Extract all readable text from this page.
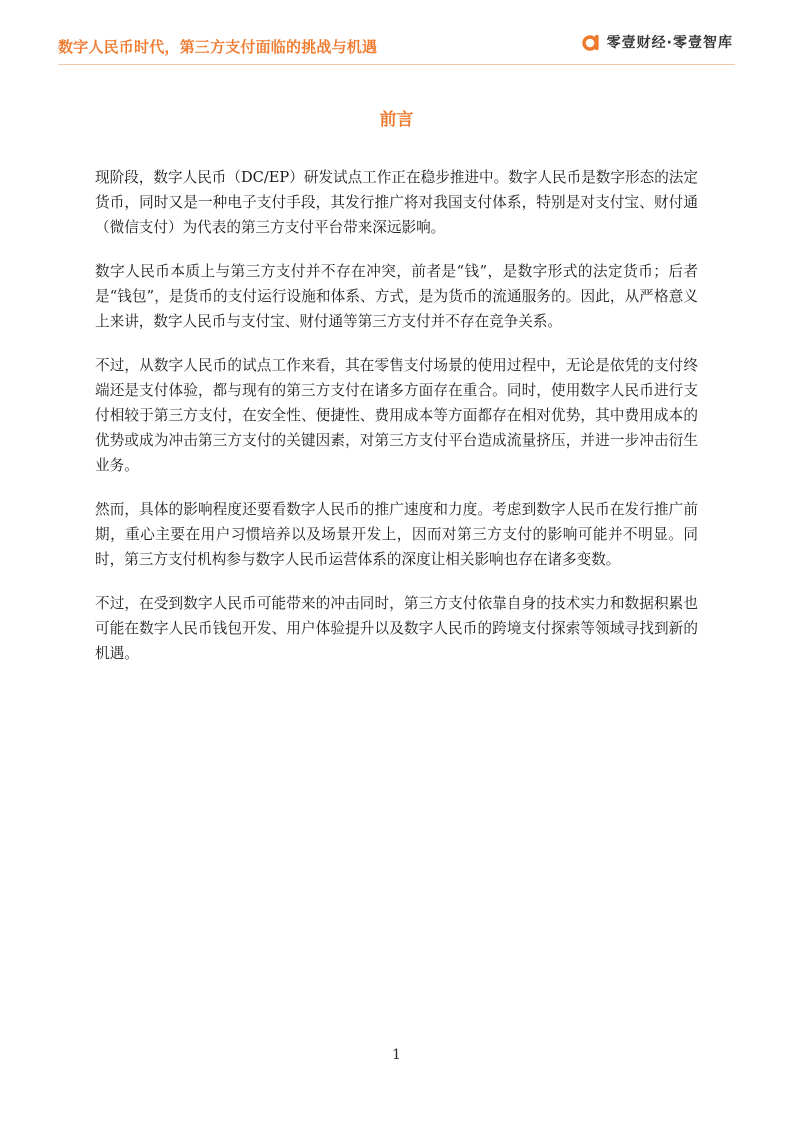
数字人民币时代，第三方支付面临的挑战与机遇	零壹财经·零壹智库
前言

现阶段，数字人民币（DC/EP）研发试点工作正在稳步推进中。数字人民币是数字形态的法定货币，同时又是一种电子支付手段，其发行推广将对我国支付体系，特别是对支付宝、财付通（微信支付）为代表的第三方支付平台带来深远影响。

数字人民币本质上与第三方支付并不存在冲突，前者是“钱”，是数字形式的法定货币；后者是“钱包”，是货币的支付运行设施和体系、方式，是为货币的流通服务的。因此，从严格意义上来讲，数字人民币与支付宝、财付通等第三方支付并不存在竞争关系。

不过，从数字人民币的试点工作来看，其在零售支付场景的使用过程中，无论是依凭的支付终端还是支付体验，都与现有的第三方支付在诸多方面存在重合。同时，使用数字人民币进行支付相较于第三方支付，在安全性、便捷性、费用成本等方面都存在相对优势，其中费用成本的优势或成为冲击第三方支付的关键因素，对第三方支付平台造成流量挤压，并进一步冲击衍生业务。

然而，具体的影响程度还要看数字人民币的推广速度和力度。考虑到数字人民币在发行推广前期，重心主要在用户习惯培养以及场景开发上，因而对第三方支付的影响可能并不明显。同时，第三方支付机构参与数字人民币运营体系的深度让相关影响也存在诸多变数。

不过，在受到数字人民币可能带来的冲击同时，第三方支付依靠自身的技术实力和数据积累也可能在数字人民币钱包开发、用户体验提升以及数字人民币的跨境支付探索等领域寻找到新的机遇。

1
